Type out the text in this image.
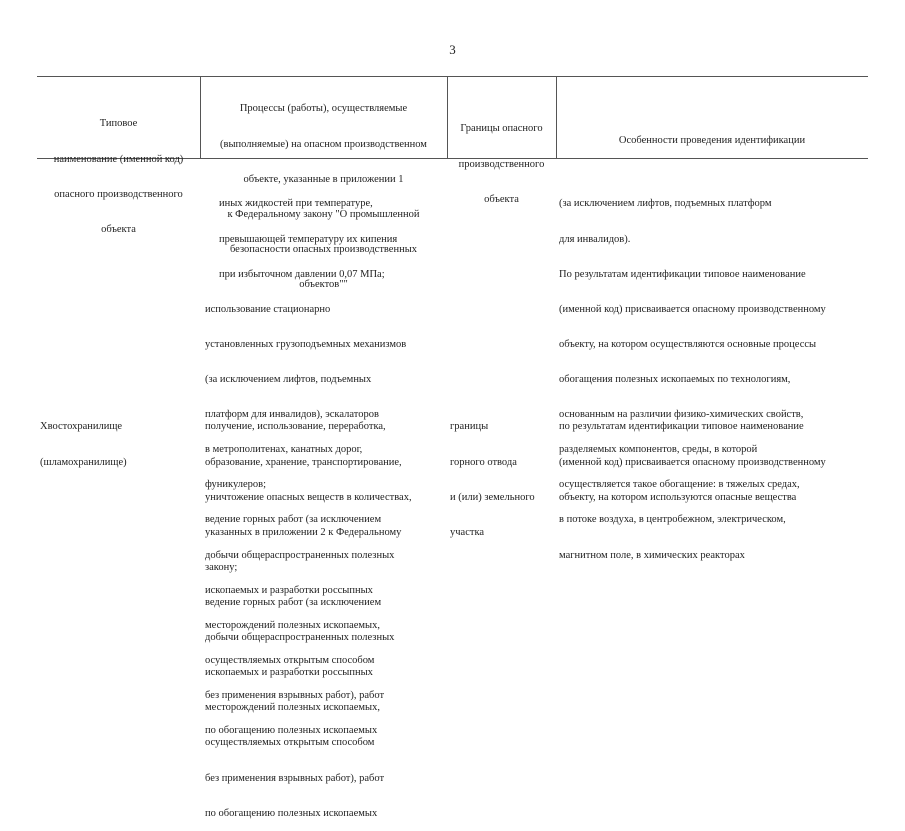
3

Типовое

наименование (именной код)

опасного производственного

объекта

Процессы (работы), осуществляемые

(выполняемые) на опасном производственном

объекте, указанные в приложении 1

к Федеральному закону "О промышленной

безопасности опасных производственных

объектов""

Границы опасного

производственного

объекта

Особенности проведения идентификации

иных жидкостей при температуре,

превышающей температуру их кипения

при избыточном давлении 0,07 МПа;

использование стационарно

установленных грузоподъемных механизмов

(за исключением лифтов, подъемных

платформ для инвалидов), эскалаторов

в метрополитенах, канатных дорог,

фуникулеров;

ведение горных работ (за исключением

добычи общераспространенных полезных

ископаемых и разработки россыпных

месторождений полезных ископаемых,

осуществляемых открытым способом

без применения взрывных работ), работ

по обогащению полезных ископаемых

(за исключением лифтов, подъемных платформ

для инвалидов).

По результатам идентификации типовое наименование

(именной код) присваивается опасному производственному

объекту, на котором осуществляются основные процессы

обогащения полезных ископаемых по технологиям,

основанным на различии физико-химических свойств,

разделяемых компонентов, среды, в которой

осуществляется такое обогащение: в тяжелых средах,

в потоке воздуха, в центробежном, электрическом,

магнитном поле, в химических реакторах

Хвостохранилище

(шламохранилище)

получение, использование, переработка,

образование, хранение, транспортирование,

уничтожение опасных веществ в количествах,

указанных в приложении 2 к Федеральному

закону;

ведение горных работ (за исключением

добычи общераспространенных полезных

ископаемых и разработки россыпных

месторождений полезных ископаемых,

осуществляемых открытым способом

без применения взрывных работ), работ

по обогащению полезных ископаемых

границы

горного отвода

и (или) земельного

участка

по результатам идентификации типовое наименование

(именной код) присваивается опасному производственному

объекту, на котором используются опасные вещества
